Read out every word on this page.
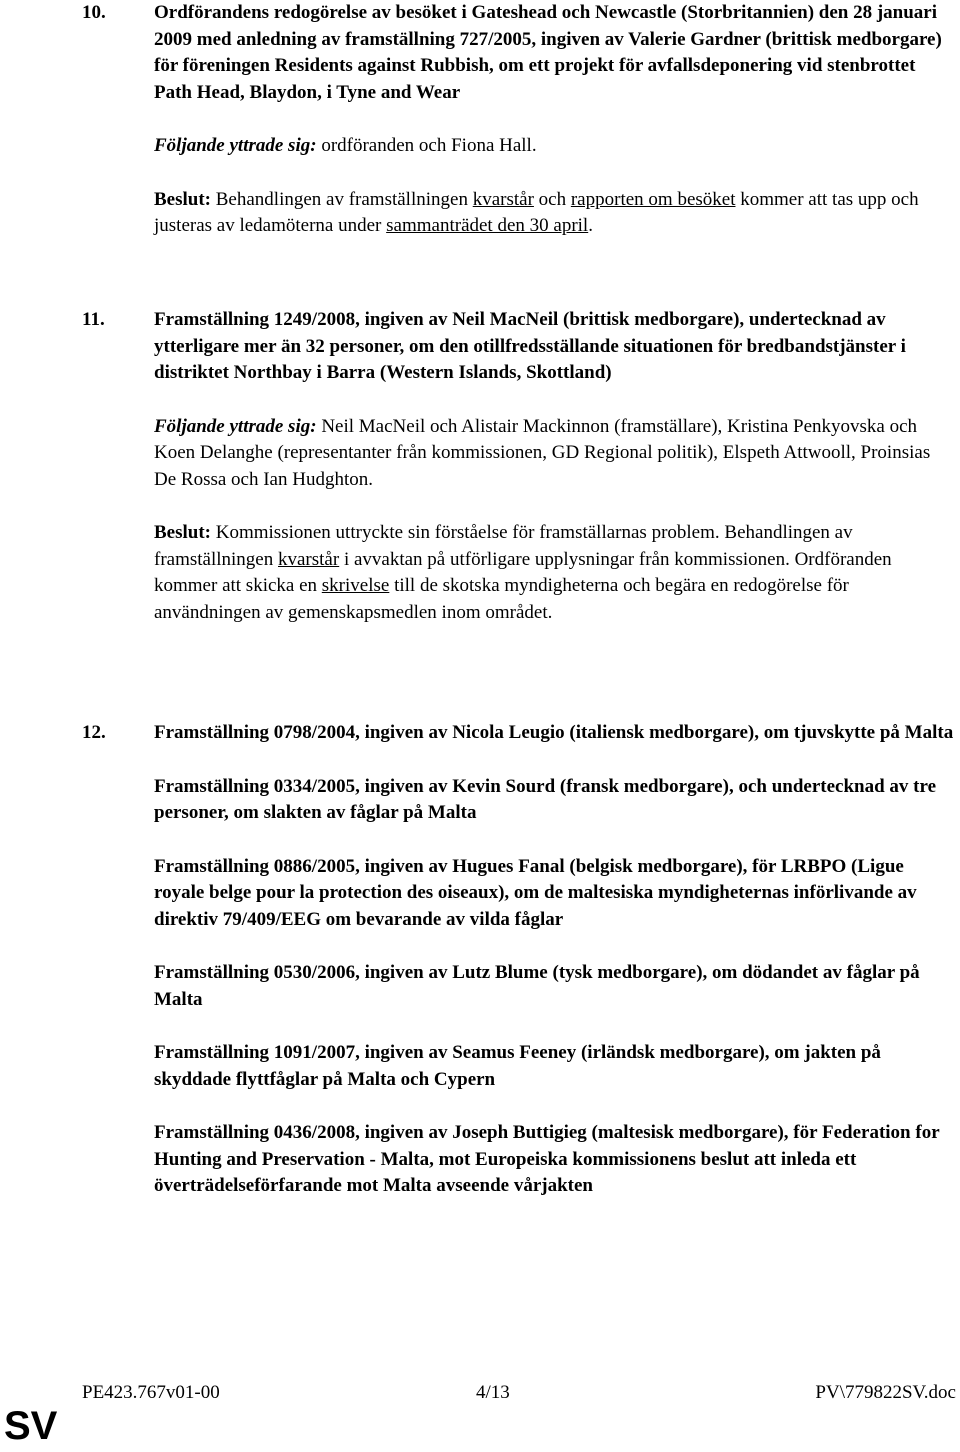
10.	Ordförandens redogörelse av besöket i Gateshead och Newcastle (Storbritannien) den 28 januari 2009 med anledning av framställning 727/2005, ingiven av Valerie Gardner (brittisk medborgare) för föreningen Residents against Rubbish, om ett projekt för avfallsdeponering vid stenbrottet Path Head, Blaydon, i Tyne and Wear

Följande yttrade sig: ordföranden och Fiona Hall.

Beslut: Behandlingen av framställningen kvarstår och rapporten om besöket kommer att tas upp och justeras av ledamöterna under sammanträdet den 30 april.

11.	Framställning 1249/2008, ingiven av Neil MacNeil (brittisk medborgare), undertecknad av ytterligare mer än 32 personer, om den otillfredsställande situationen för bredbandstjänster i distriktet Northbay i Barra (Western Islands, Skottland)

Följande yttrade sig: Neil MacNeil och Alistair Mackinnon (framställare), Kristina Penkyovska och Koen Delanghe (representanter från kommissionen, GD Regional politik), Elspeth Attwooll, Proinsias De Rossa och Ian Hudghton.

Beslut: Kommissionen uttryckte sin förståelse för framställarnas problem. Behandlingen av framställningen kvarstår i avvaktan på utförligare upplysningar från kommissionen. Ordföranden kommer att skicka en skrivelse till de skotska myndigheterna och begära en redogörelse för användningen av gemenskapsmedlen inom området.

12.	Framställning 0798/2004, ingiven av Nicola Leugio (italiensk medborgare), om tjuvskytte på Malta

Framställning 0334/2005, ingiven av Kevin Sourd (fransk medborgare), och undertecknad av tre personer, om slakten av fåglar på Malta

Framställning 0886/2005, ingiven av Hugues Fanal (belgisk medborgare), för LRBPO (Ligue royale belge pour la protection des oiseaux), om de maltesiska myndigheternas införlivande av direktiv 79/409/EEG om bevarande av vilda fåglar

Framställning 0530/2006, ingiven av Lutz Blume (tysk medborgare), om dödandet av fåglar på Malta

Framställning 1091/2007, ingiven av Seamus Feeney (irländsk medborgare), om jakten på skyddade flyttfåglar på Malta och Cypern

Framställning 0436/2008, ingiven av Joseph Buttigieg (maltesisk medborgare), för Federation for Hunting and Preservation - Malta, mot Europeiska kommissionens beslut att inleda ett överträdelseförfarande mot Malta avseende vårjakten

PE423.767v01-00	4/13	PV\779822SV.doc
SV
